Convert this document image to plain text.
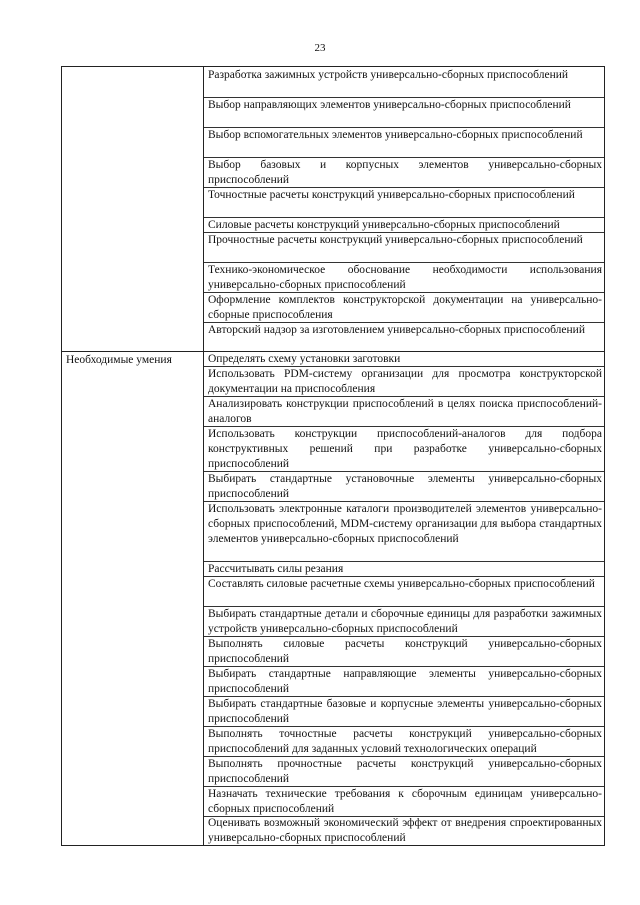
23
Разработка зажимных устройств универсально-сборных приспособлений
Выбор направляющих элементов универсально-сборных приспособлений
Выбор вспомогательных элементов универсально-сборных приспособлений
Выбор базовых и корпусных элементов универсально-сборных приспособлений
Точностные расчеты конструкций универсально-сборных приспособлений
Силовые расчеты конструкций универсально-сборных приспособлений
Прочностные расчеты конструкций универсально-сборных приспособлений
Технико-экономическое обоснование необходимости использования универсально-сборных приспособлений
Оформление комплектов конструкторской документации на универсально-сборные приспособления
Авторский надзор за изготовлением универсально-сборных приспособлений
Необходимые умения	Определять схему установки заготовки
Использовать PDM-систему организации для просмотра конструкторской документации на приспособления
Анализировать конструкции приспособлений в целях поиска приспособлений-аналогов
Использовать конструкции приспособлений-аналогов для подбора конструктивных решений при разработке универсально-сборных приспособлений
Выбирать стандартные установочные элементы универсально-сборных приспособлений
Использовать электронные каталоги производителей элементов универсально-сборных приспособлений, MDM-систему организации для выбора стандартных элементов универсально-сборных приспособлений
Рассчитывать силы резания
Составлять силовые расчетные схемы универсально-сборных приспособлений
Выбирать стандартные детали и сборочные единицы для разработки зажимных устройств универсально-сборных приспособлений
Выполнять силовые расчеты конструкций универсально-сборных приспособлений
Выбирать стандартные направляющие элементы универсально-сборных приспособлений
Выбирать стандартные базовые и корпусные элементы универсально-сборных приспособлений
Выполнять точностные расчеты конструкций универсально-сборных приспособлений для заданных условий технологических операций
Выполнять прочностные расчеты конструкций универсально-сборных приспособлений
Назначать технические требования к сборочным единицам универсально-сборных приспособлений
Оценивать возможный экономический эффект от внедрения спроектированных универсально-сборных приспособлений
